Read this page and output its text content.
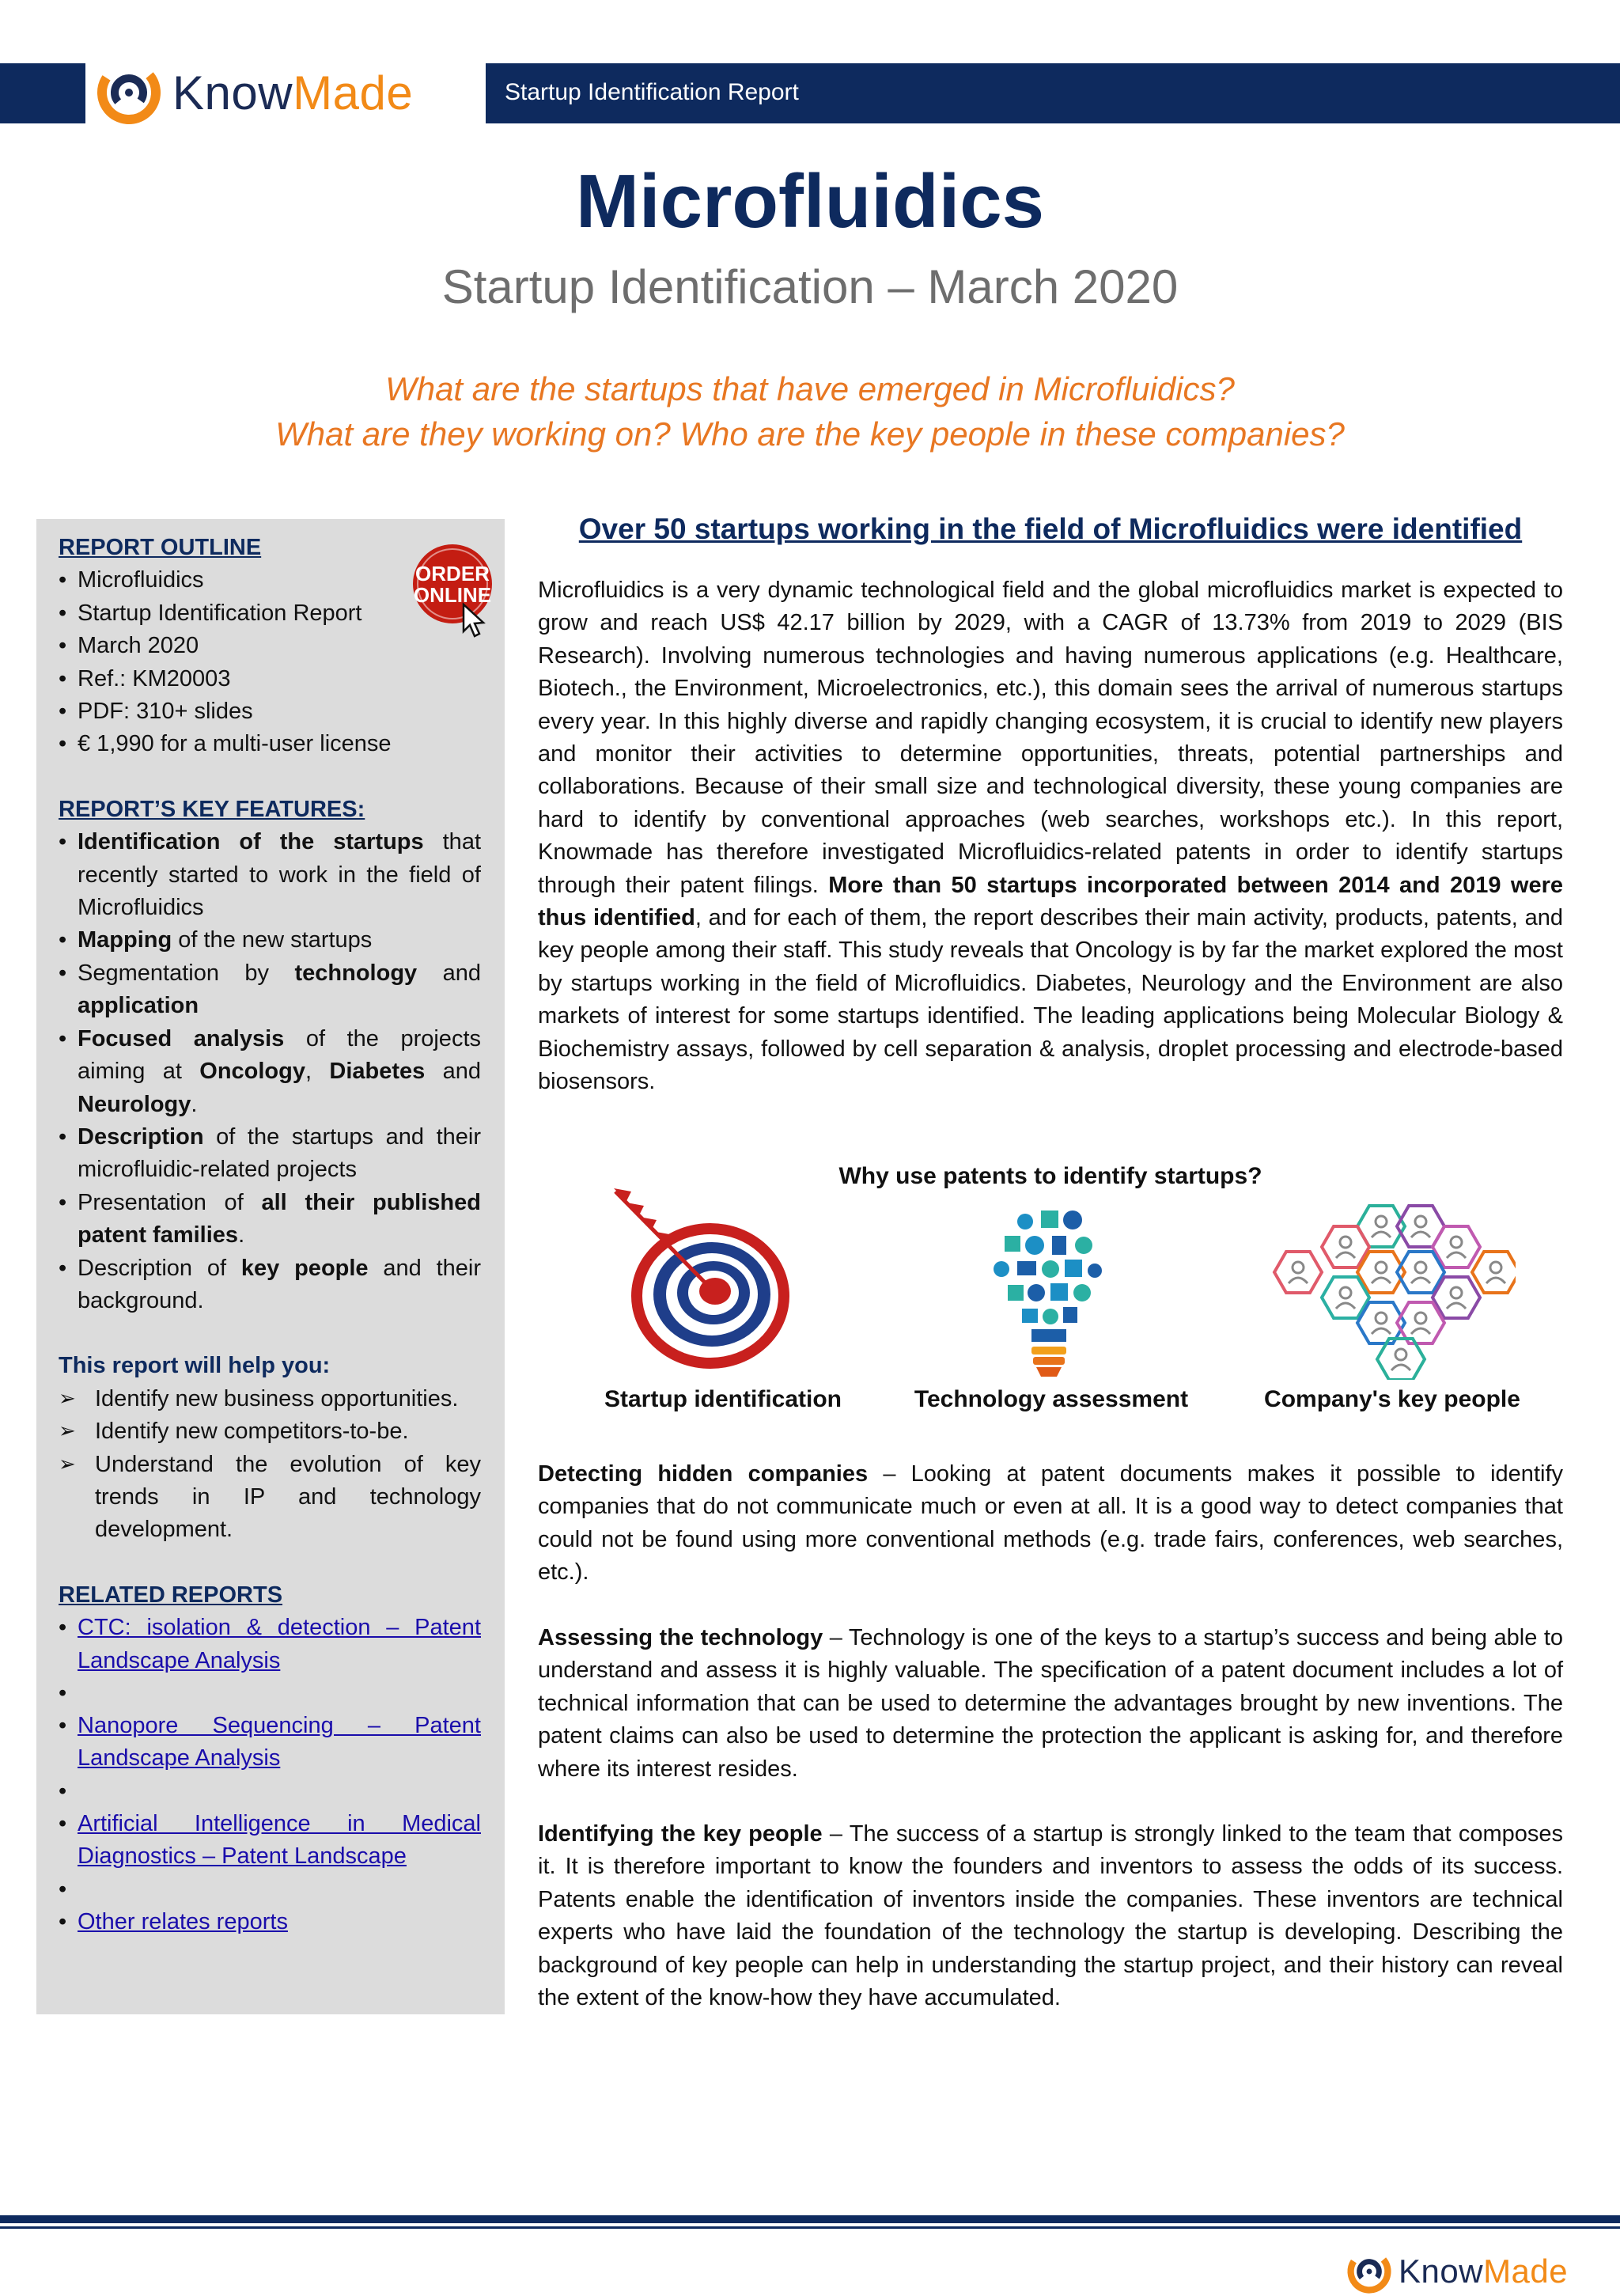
Startup Identification Report
KnowMade
Microfluidics
Startup Identification – March 2020
What are the startups that have emerged in Microfluidics?
What are they working on? Who are the key people in these companies?
ORDER
ONLINE
REPORT OUTLINE
• Microfluidics
• Startup Identification Report
• March 2020
• Ref.: KM20003
• PDF: 310+ slides
• € 1,990 for a multi-user license
REPORT’S KEY FEATURES:
• Identification of the startups that recently started to work in the field of Microfluidics
• Mapping of the new startups
• Segmentation by technology and application
• Focused analysis of the projects aiming at Oncology, Diabetes and Neurology.
• Description of the startups and their microfluidic-related projects
• Presentation of all their published patent families.
• Description of key people and their background.
This report will help you:
➢ Identify new business opportunities.
➢ Identify new competitors-to-be.
➢ Understand the evolution of key trends in IP and technology development.
RELATED REPORTS
• CTC: isolation & detection – Patent Landscape Analysis
•
• Nanopore Sequencing – Patent Landscape Analysis
•
• Artificial Intelligence in Medical Diagnostics – Patent Landscape
•
• Other relates reports
Over 50 startups working in the field of Microfluidics were identified
Microfluidics is a very dynamic technological field and the global microfluidics market is expected to grow and reach US$ 42.17 billion by 2029, with a CAGR of 13.73% from 2019 to 2029 (BIS Research). Involving numerous technologies and having numerous applications (e.g. Healthcare, Biotech., the Environment, Microelectronics, etc.), this domain sees the arrival of numerous startups every year. In this highly diverse and rapidly changing ecosystem, it is crucial to identify new players and monitor their activities to determine opportunities, threats, potential partnerships and collaborations. Because of their small size and technological diversity, these young companies are hard to identify by conventional approaches (web searches, workshops etc.). In this report, Knowmade has therefore investigated Microfluidics-related patents in order to identify startups through their patent filings. More than 50 startups incorporated between 2014 and 2019 were thus identified, and for each of them, the report describes their main activity, products, patents, and key people among their staff. This study reveals that Oncology is by far the market explored the most by startups working in the field of Microfluidics. Diabetes, Neurology and the Environment are also markets of interest for some startups identified. The leading applications being Molecular Biology & Biochemistry assays, followed by cell separation & analysis, droplet processing and electrode-based biosensors.
Why use patents to identify startups?
Startup identification	Technology assessment	Company's key people
Detecting hidden companies – Looking at patent documents makes it possible to identify companies that do not communicate much or even at all. It is a good way to detect companies that could not be found using more conventional methods (e.g. trade fairs, conferences, web searches, etc.).
Assessing the technology – Technology is one of the keys to a startup’s success and being able to understand and assess it is highly valuable. The specification of a patent document includes a lot of technical information that can be used to determine the advantages brought by new inventions. The patent claims can also be used to determine the protection the applicant is asking for, and therefore where its interest resides.
Identifying the key people – The success of a startup is strongly linked to the team that composes it. It is therefore important to know the founders and inventors to assess the odds of its success. Patents enable the identification of inventors inside the companies. These inventors are technical experts who have laid the foundation of the technology the startup is developing. Describing the background of key people can help in understanding the startup project, and their history can reveal the extent of the know-how they have accumulated.
KnowMade
